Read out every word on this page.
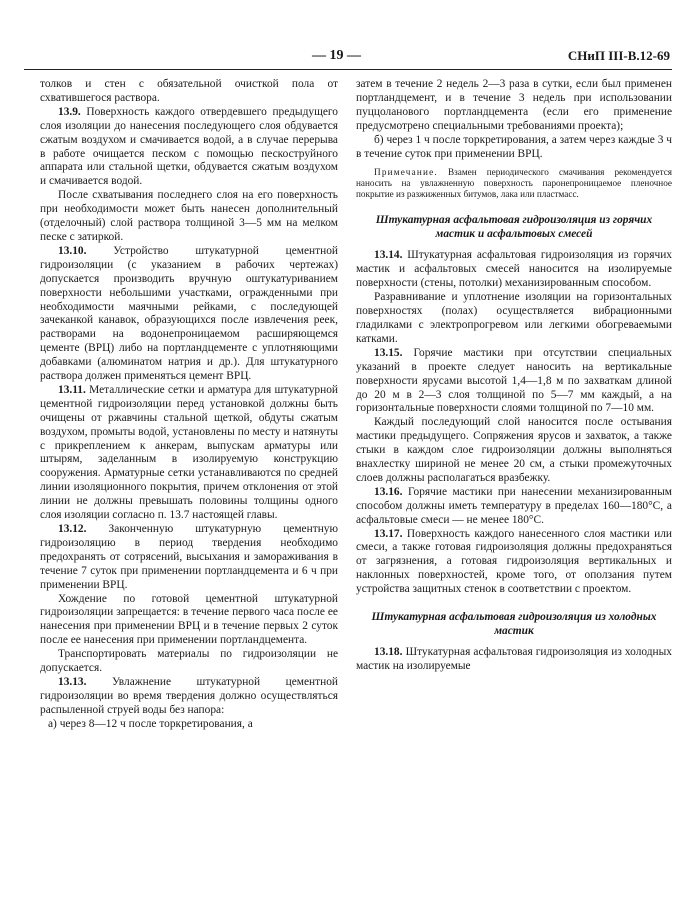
— 19 —	СНиП III-В.12-69

толков и стен с обязательной очисткой пола от схватившегося раствора.

13.9. Поверхность каждого отвердевшего предыдущего слоя изоляции до нанесения последующего слоя обдувается сжатым воздухом и смачивается водой, а в случае перерыва в работе очищается песком с помощью пескоструйного аппарата или стальной щетки, обдувается сжатым воздухом и смачивается водой.

После схватывания последнего слоя на его поверхность при необходимости может быть нанесен дополнительный (отделочный) слой раствора толщиной 3—5 мм на мелком песке с затиркой.

13.10. Устройство штукатурной цементной гидроизоляции (с указанием в рабочих чертежах) допускается производить вручную оштукатуриванием поверхности небольшими участками, огражденными при необходимости маячными рейками, с последующей зачеканкой канавок, образующихся после извлечения реек, растворами на водонепроницаемом расширяющемся цементе (ВРЦ) либо на портландцементе с уплотняющими добавками (алюминатом натрия и др.). Для штукатурного раствора должен применяться цемент ВРЦ.

13.11. Металлические сетки и арматура для штукатурной цементной гидроизоляции перед установкой должны быть очищены от ржавчины стальной щеткой, обдуты сжатым воздухом, промыты водой, установлены по месту и натянуты с прикреплением к анкерам, выпускам арматуры или штырям, заделанным в изолируемую конструкцию сооружения. Арматурные сетки устанавливаются по средней линии изоляционного покрытия, причем отклонения от этой линии не должны превышать половины толщины одного слоя изоляции согласно п. 13.7 настоящей главы.

13.12. Законченную штукатурную цементную гидроизоляцию в период твердения необходимо предохранять от сотрясений, высыхания и замораживания в течение 7 суток при применении портландцемента и 6 ч при применении ВРЦ.

Хождение по готовой цементной штукатурной гидроизоляции запрещается: в течение первого часа после ее нанесения при применении ВРЦ и в течение первых 2 суток после ее нанесения при применении портландцемента.

Транспортировать материалы по гидроизоляции не допускается.

13.13. Увлажнение штукатурной цементной гидроизоляции во время твердения должно осуществляться распыленной струей воды без напора:

а) через 8—12 ч после торкретирования, а

затем в течение 2 недель 2—3 раза в сутки, если был применен портландцемент, и в течение 3 недель при использовании пуццоланового портландцемента (если его применение предусмотрено специальными требованиями проекта);

б) через 1 ч после торкретирования, а затем через каждые 3 ч в течение суток при применении ВРЦ.

Примечание. Взамен периодического смачивания рекомендуется наносить на увлажненную поверхность паронепроницаемое пленочное покрытие из разжиженных битумов, лака или пластмасс.

Штукатурная асфальтовая гидроизоляция из горячих мастик и асфальтовых смесей

13.14. Штукатурная асфальтовая гидроизоляция из горячих мастик и асфальтовых смесей наносится на изолируемые поверхности (стены, потолки) механизированным способом.

Разравнивание и уплотнение изоляции на горизонтальных поверхностях (полах) осуществляется вибрационными гладилками с электропрогревом или легкими обогреваемыми катками.

13.15. Горячие мастики при отсутствии специальных указаний в проекте следует наносить на вертикальные поверхности ярусами высотой 1,4—1,8 м по захваткам длиной до 20 м в 2—3 слоя толщиной по 5—7 мм каждый, а на горизонтальные поверхности слоями толщиной по 7—10 мм.

Каждый последующий слой наносится после остывания мастики предыдущего. Сопряжения ярусов и захваток, а также стыки в каждом слое гидроизоляции должны выполняться внахлестку шириной не менее 20 см, а стыки промежуточных слоев должны располагаться вразбежку.

13.16. Горячие мастики при нанесении механизированным способом должны иметь температуру в пределах 160—180°С, а асфальтовые смеси — не менее 180°С.

13.17. Поверхность каждого нанесенного слоя мастики или смеси, а также готовая гидроизоляция должны предохраняться от загрязнения, а готовая гидроизоляция вертикальных и наклонных поверхностей, кроме того, от оползания путем устройства защитных стенок в соответствии с проектом.

Штукатурная асфальтовая гидроизоляция из холодных мастик

13.18. Штукатурная асфальтовая гидроизоляция из холодных мастик на изолируемые
